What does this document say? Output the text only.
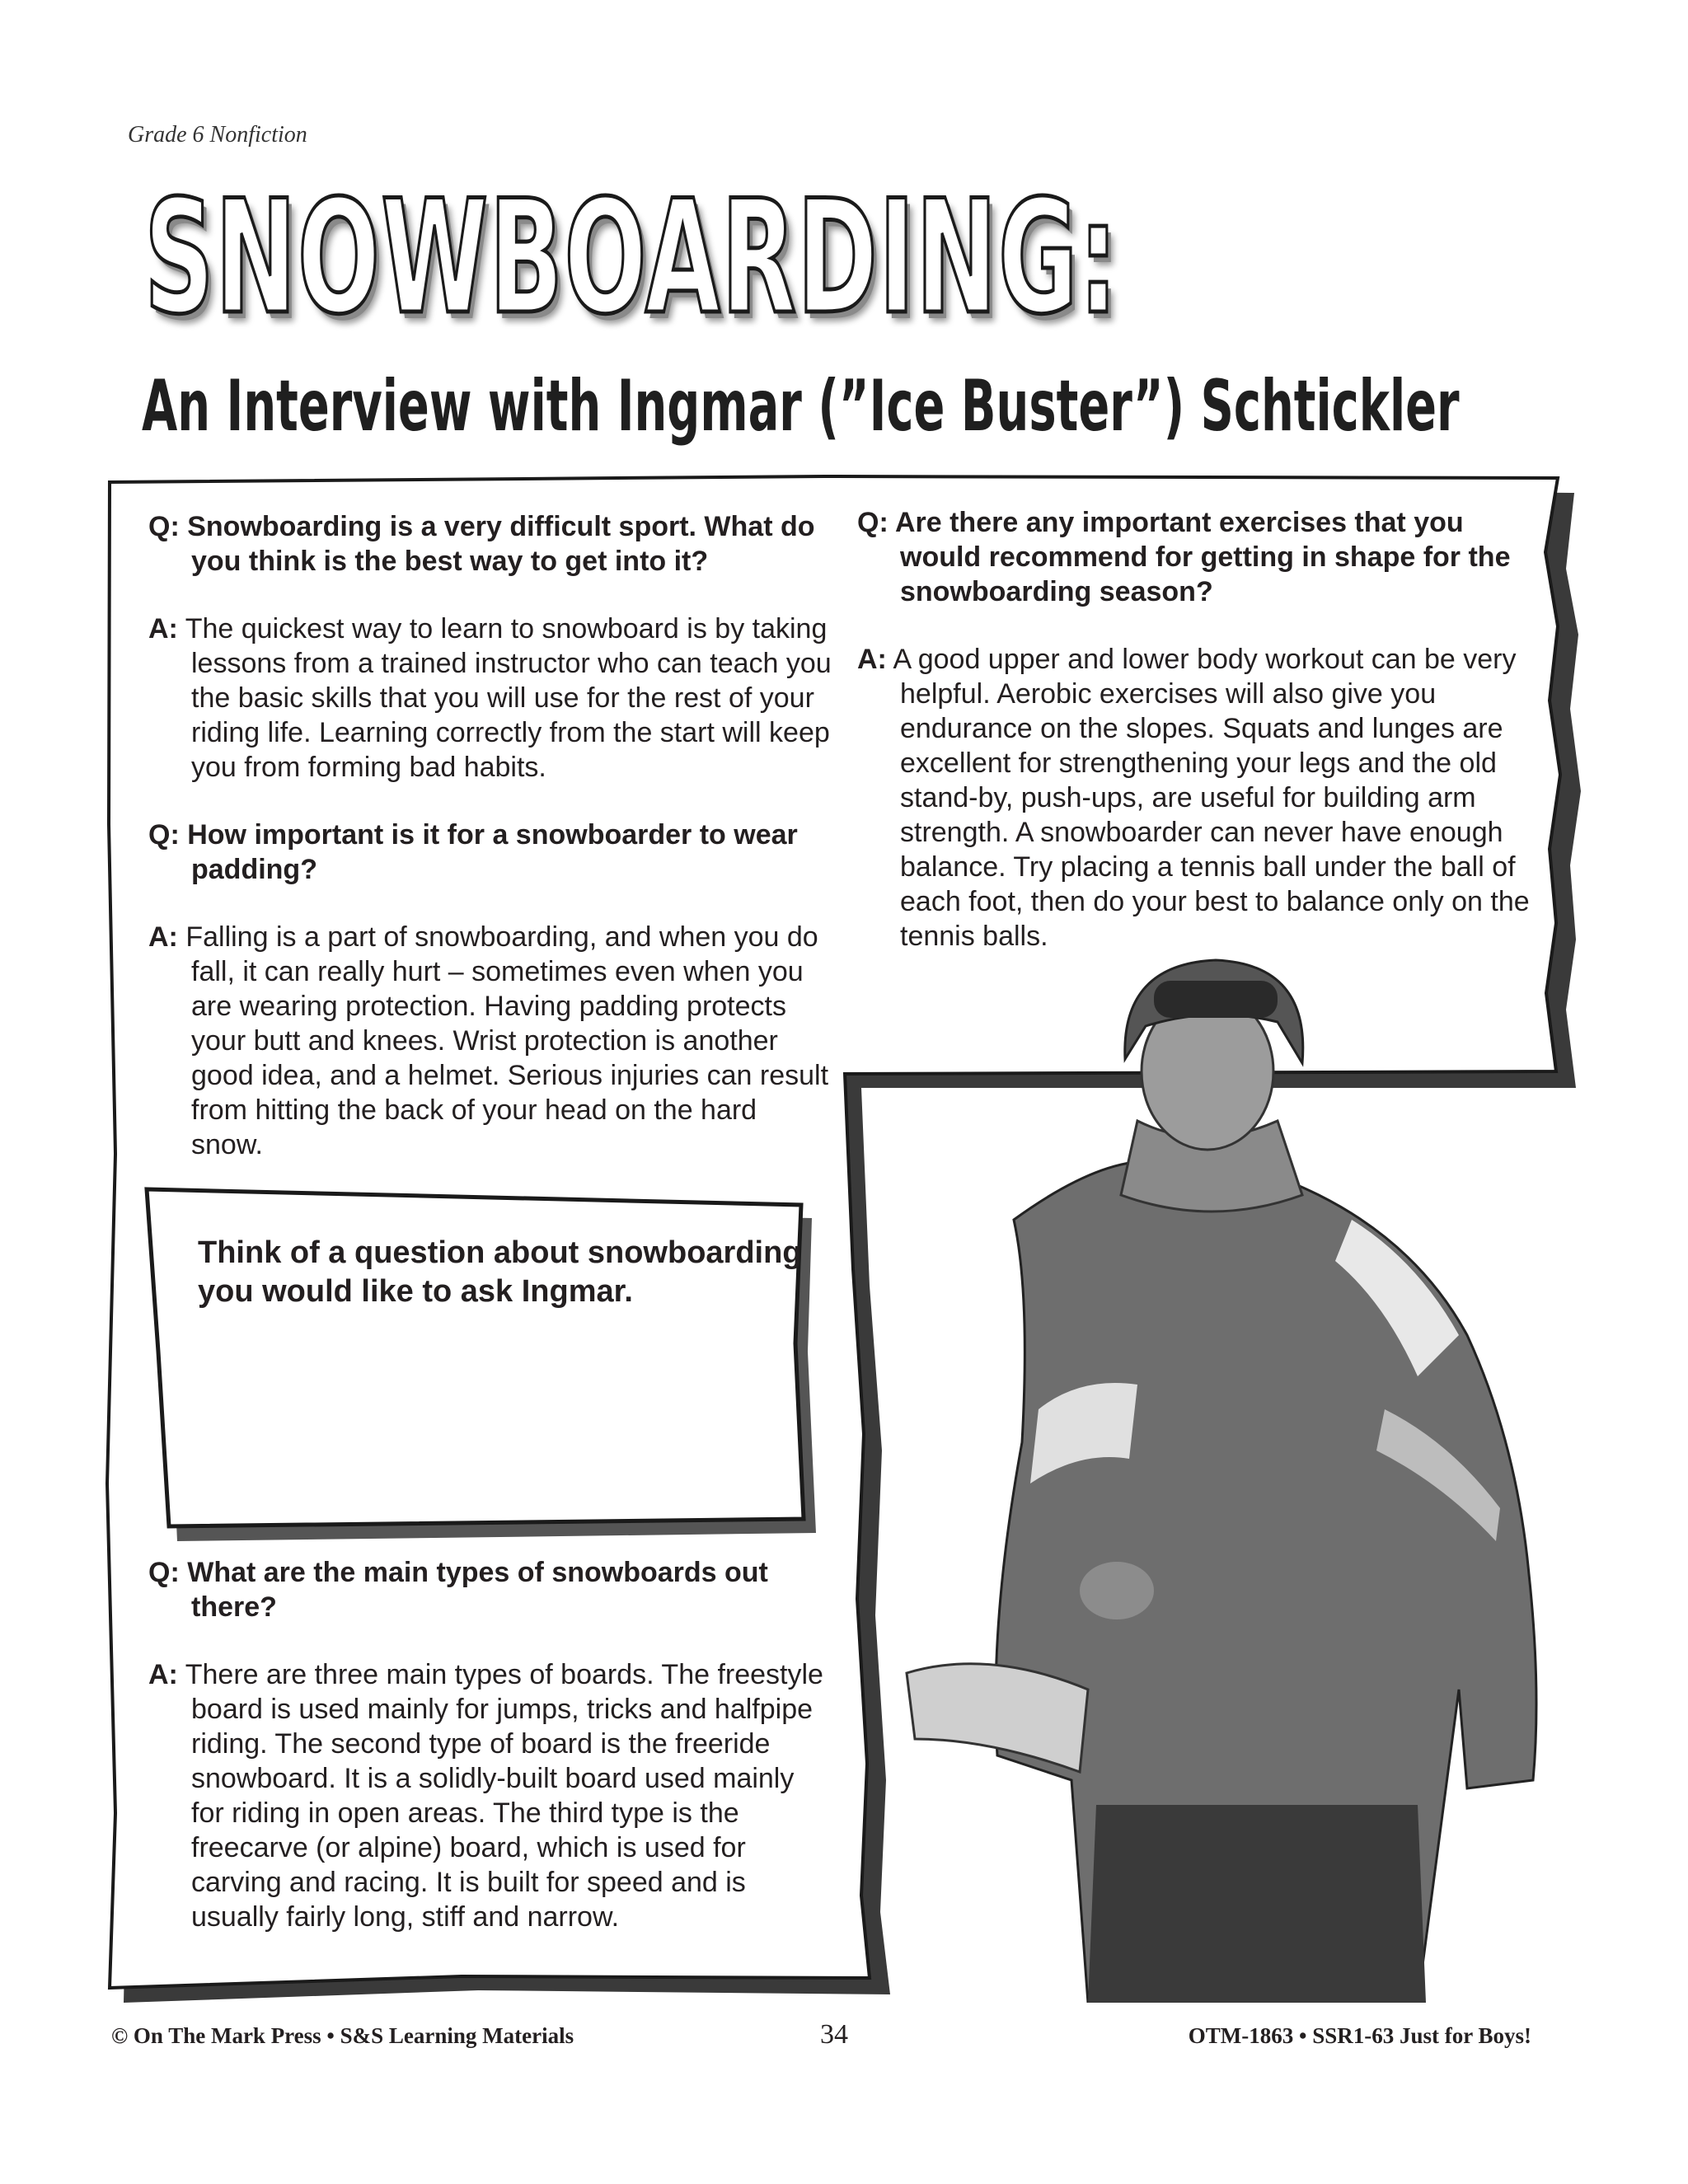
Grade 6 Nonfiction
SNOWBOARDING:
An Interview with Ingmar (”Ice Buster”) Schtickler

Q: Snowboarding is a very difficult sport. What do you think is the best way to get into it?

A: The quickest way to learn to snowboard is by taking lessons from a trained instructor who can teach you the basic skills that you will use for the rest of your riding life. Learning correctly from the start will keep you from forming bad habits.

Q: How important is it for a snowboarder to wear padding?

A: Falling is a part of snowboarding, and when you do fall, it can really hurt – sometimes even when you are wearing protection. Having padding protects your butt and knees. Wrist protection is another good idea, and a helmet. Serious injuries can result from hitting the back of your head on the hard snow.

Q: Are there any important exercises that you would recommend for getting in shape for the snowboarding season?

A: A good upper and lower body workout can be very helpful. Aerobic exercises will also give you endurance on the slopes. Squats and lunges are excellent for strengthening your legs and the old stand-by, push-ups, are useful for building arm strength. A snowboarder can never have enough balance. Try placing a tennis ball under the ball of each foot, then do your best to balance only on the tennis balls.

Think of a question about snowboarding you would like to ask Ingmar.

Q: What are the main types of snowboards out there?

A: There are three main types of boards. The freestyle board is used mainly for jumps, tricks and halfpipe riding. The second type of board is the freeride snowboard. It is a solidly-built board used mainly for riding in open areas. The third type is the freecarve (or alpine) board, which is used for carving and racing. It is built for speed and is usually fairly long, stiff and narrow.

© On The Mark Press • S&S Learning Materials	34	OTM-1863 • SSR1-63 Just for Boys!
